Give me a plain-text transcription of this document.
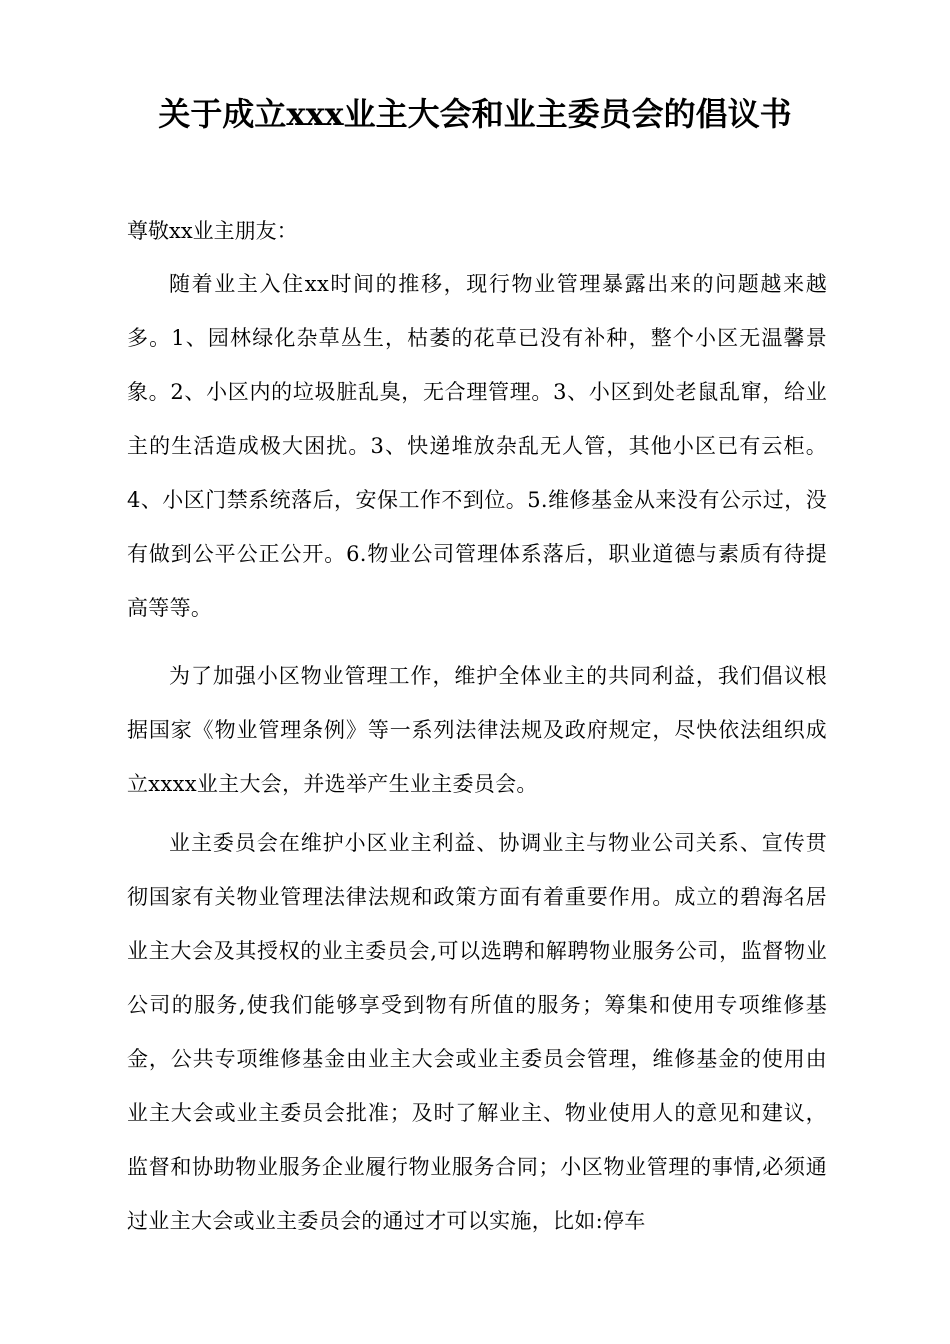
关于成立xxx业主大会和业主委员会的倡议书

尊敬xx业主朋友：

随着业主入住xx时间的推移，现行物业管理暴露出来的问题越来越多。1、园林绿化杂草丛生，枯萎的花草已没有补种，整个小区无温馨景象。2、小区内的垃圾脏乱臭，无合理管理。3、小区到处老鼠乱窜，给业主的生活造成极大困扰。3、快递堆放杂乱无人管，其他小区已有云柜。4、小区门禁系统落后，安保工作不到位。5.维修基金从来没有公示过，没有做到公平公正公开。6.物业公司管理体系落后，职业道德与素质有待提高等等。

为了加强小区物业管理工作，维护全体业主的共同利益，我们倡议根据国家《物业管理条例》等一系列法律法规及政府规定，尽快依法组织成立xxxx业主大会，并选举产生业主委员会。

业主委员会在维护小区业主利益、协调业主与物业公司关系、宣传贯彻国家有关物业管理法律法规和政策方面有着重要作用。成立的碧海名居业主大会及其授权的业主委员会,可以选聘和解聘物业服务公司，监督物业公司的服务,使我们能够享受到物有所值的服务；筹集和使用专项维修基金，公共专项维修基金由业主大会或业主委员会管理，维修基金的使用由业主大会或业主委员会批准；及时了解业主、物业使用人的意见和建议，监督和协助物业服务企业履行物业服务合同；小区物业管理的事情,必须通过业主大会或业主委员会的通过才可以实施，比如:停车
